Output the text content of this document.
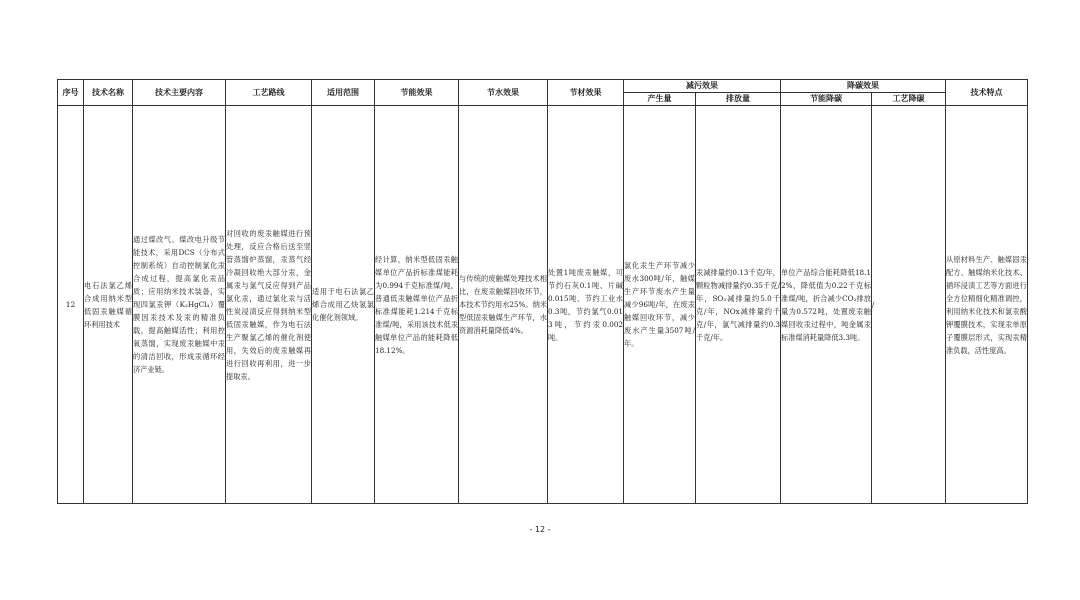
序号	技术名称	技术主要内容	工艺路线	适用范围	节能效果	节水效果	节材效果	减污效果		降碳效果		技术特点
								产生量	排放量	节能降碳	工艺降碳	
12	电石法氯乙烯合成用纳米型低固汞触媒循环利用技术	通过煤改气、煤改电升级节能技术，采用DCS（分布式控制系统）自动控制氯化汞合成过程，提高氯化汞品质；应用纳米技术装备，实现四氯汞钾（K₂HgCl₄）覆膜因汞技术及汞的精准负载，提高触媒活性；利用控氧蒸馏，实现废汞触媒中汞的清洁回收，形成汞循环经济产业链。	对回收的废汞触媒进行预处理，反应合格后送至竖管蒸馏炉蒸馏，汞蒸气经冷凝回收绝大部分汞，金属汞与氯气反应得到产品氯化汞，通过氯化汞与活性炭浸渍反应得到纳米型低固汞触媒，作为电石法生产聚氯乙烯的催化剂使用，失效后的废汞触媒再进行回收再利用，进一步提取汞。	适用于电石法氯乙烯合成用乙炔氢氯化催化剂领域。	经计算，纳米型低固汞触媒单位产品折标准煤能耗为0.994千克标准煤/吨，普通低汞触媒单位产品折标准煤能耗1.214千克标准煤/吨，采用该技术低汞触媒单位产品的能耗降低18.12%。	与传统的废触媒处理技术相比，在废汞触媒回收环节，本技术节约用水25%。纳米型低固汞触媒生产环节，水资源消耗量降低4%。	处置1吨废汞触媒，可节约石灰0.1吨、片碱0.015吨、节约工业水0.3吨，节约氯气0.013吨，节约汞0.002吨。	氯化汞生产环节减少废水300吨/年，触媒生产环节废水产生量减少96吨/年，在废汞触媒回收环节，减少废水产生量3507吨/年。	汞减排量约0.13千克/年，颗粒物减排量约0.35千克/年，SO₂减排量约5.0千克/年，NOx减排量约千克/年，氯气减排量约0.3千克/年。	单位产品综合能耗降低18.12%，降低值为0.22千克标准煤/吨，折合减少CO₂排放量为0.572吨，处置废汞触媒回收汞过程中，吨金属汞标准煤消耗量降低3.3吨。	/	从原材料生产、触媒固汞配方、触媒纳米化技术、循环浸渍工艺等方面进行全方位精细化精准调控，利用纳米化技术和氯汞酸钾覆膜技术，实现汞单原子覆膜层形式，实现汞精准负载，活性度高。
- 12 -
